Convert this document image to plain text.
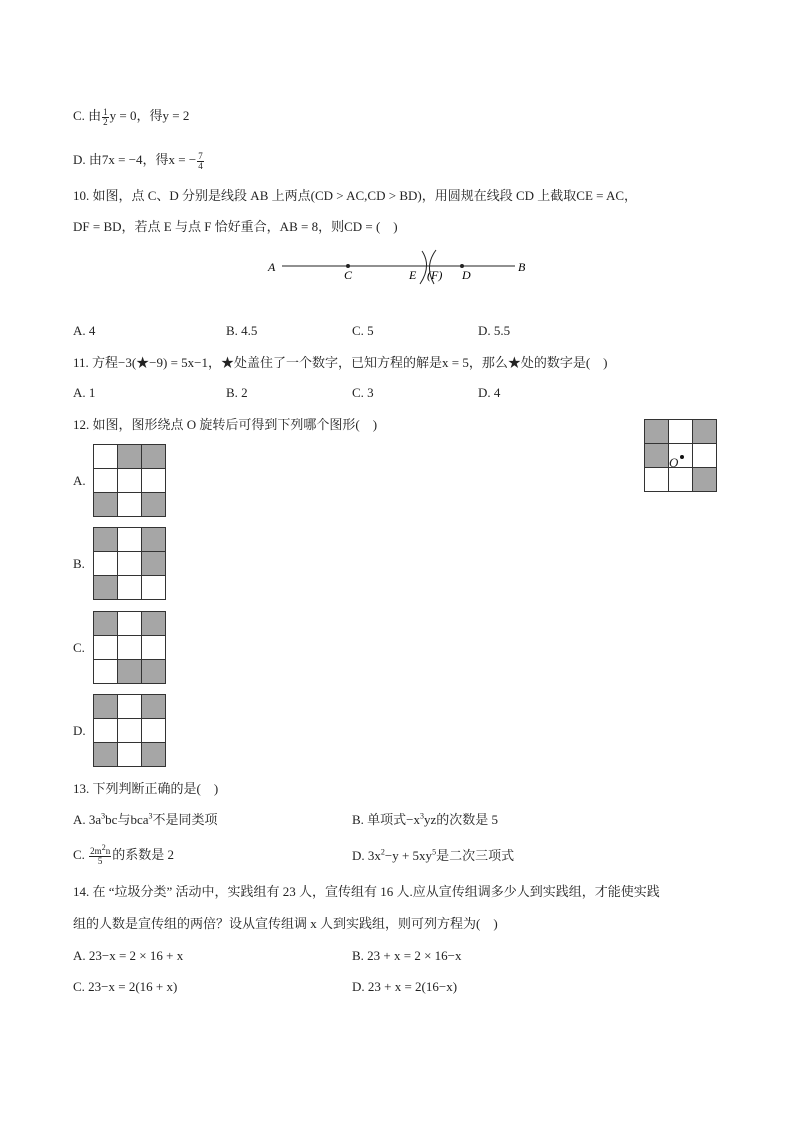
C. 由 $\frac{1}{2}$ y = 0，得y = 2
D. 由7x = −4，得x = − $\frac{7}{4}$
10. 如图，点 C、D 分别是线段 AB 上两点(CD > AC,CD > BD)，用圆规在线段 CD 上截取CE = AC，
DF = BD，若点 E 与点 F 恰好重合，AB = 8，则CD = (　)
A
C	E (F) D
B
A. 4	B. 4.5	C. 5	D. 5.5
11. 方程−3(★−9) = 5x−1，★处盖住了一个数字，已知方程的解是x = 5，那么★处的数字是(　)
A. 1	B. 2	C. 3	D. 4
12. 如图，图形绕点 O 旋转后可得到下列哪个图形(　)

O
A.

B.

C.

D.

13. 下列判断正确的是(　)
A. $3a^3bc$与bca$^3$不是同类项	B. 单项式$-x^3yz$的次数是 5
C. $\frac{2m^2n}{5}$ 的系数是 2	D. $3x^2-y + 5xy^5$是二次三项式
14. 在 “垃圾分类” 活动中，实践组有 23 人，宣传组有 16 人.应从宣传组调多少人到实践组，才能使实践
组的人数是宣传组的两倍？设从宣传组调 x 人到实践组，则可列方程为(　)
A. 23−x = 2 × 16 + x	B. 23 + x = 2 × 16−x
C. 23−x = 2(16 + x)	D. 23 + x = 2(16−x)
